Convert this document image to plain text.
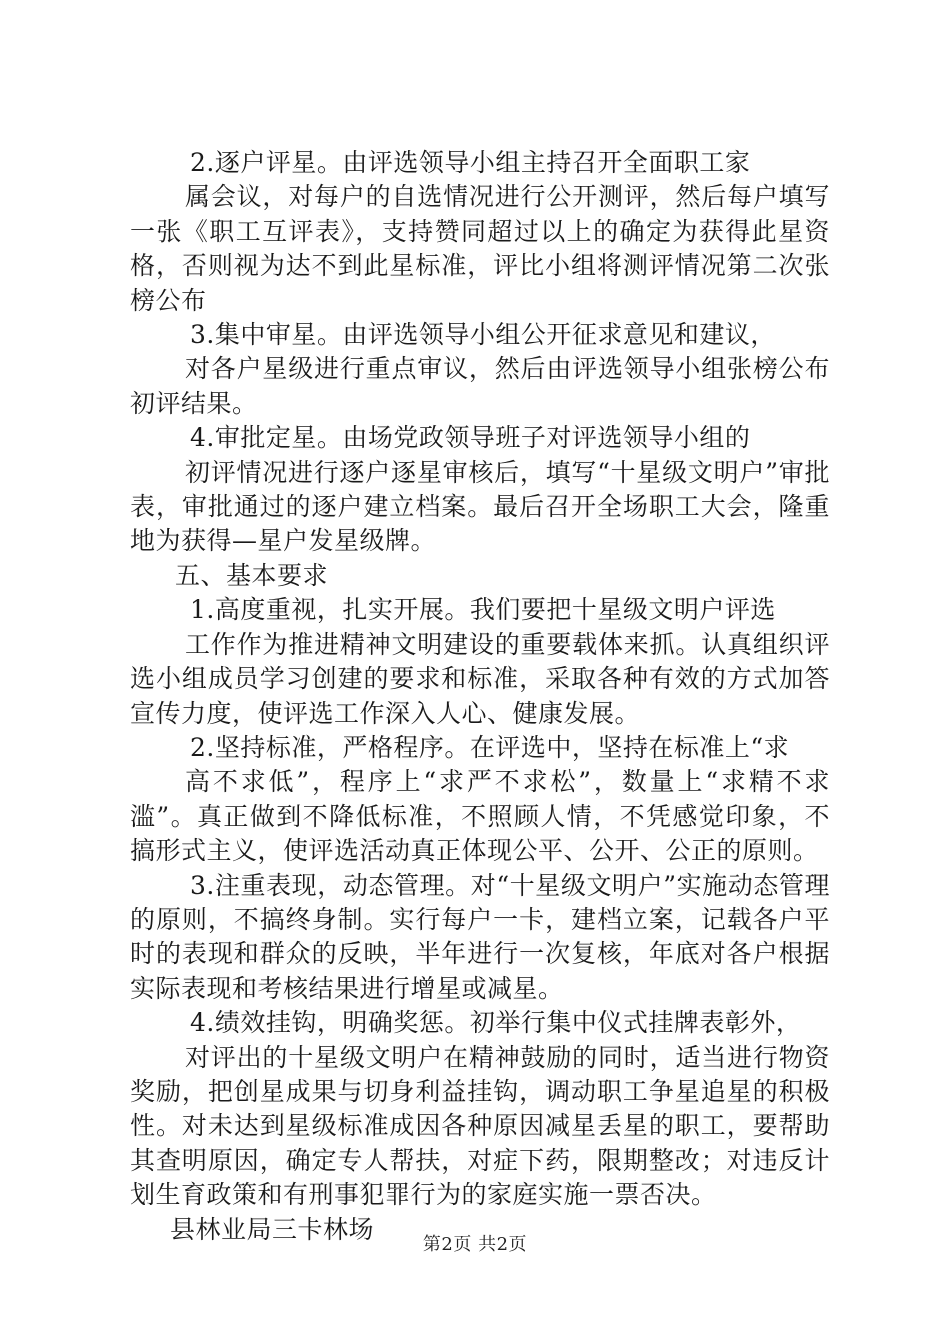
2.逐户评星。由评选领导小组主持召开全面职工家

属会议，对每户的自选情况进行公开测评，然后每户填写一张《职工互评表》，支持赞同超过以上的确定为获得此星资格，否则视为达不到此星标准，评比小组将测评情况第二次张榜公布

3.集中审星。由评选领导小组公开征求意见和建议，

对各户星级进行重点审议，然后由评选领导小组张榜公布初评结果。

4.审批定星。由场党政领导班子对评选领导小组的

初评情况进行逐户逐星审核后，填写“十星级文明户”审批表，审批通过的逐户建立档案。最后召开全场职工大会，隆重地为获得—星户发星级牌。

五、基本要求

1.高度重视，扎实开展。我们要把十星级文明户评选

工作作为推进精神文明建设的重要载体来抓。认真组织评选小组成员学习创建的要求和标准，采取各种有效的方式加答宣传力度，使评选工作深入人心、健康发展。

2.坚持标准，严格程序。在评选中，坚持在标准上“求

高不求低”，程序上“求严不求松”，数量上“求精不求滥”。真正做到不降低标准，不照顾人情，不凭感觉印象，不搞形式主义，使评选活动真正体现公平、公开、公正的原则。

3.注重表现，动态管理。对“十星级文明户”实施动态管理的原则，不搞终身制。实行每户一卡，建档立案，记载各户平时的表现和群众的反映，半年进行一次复核，年底对各户根据实际表现和考核结果进行增星或减星。

4.绩效挂钩，明确奖惩。初举行集中仪式挂牌表彰外，

对评出的十星级文明户在精神鼓励的同时，适当进行物资奖励，把创星成果与切身利益挂钩，调动职工争星追星的积极性。对未达到星级标准成因各种原因减星丢星的职工，要帮助其查明原因，确定专人帮扶，对症下药，限期整改；对违反计划生育政策和有刑事犯罪行为的家庭实施一票否决。

县林业局三卡林场

第2页 共2页
